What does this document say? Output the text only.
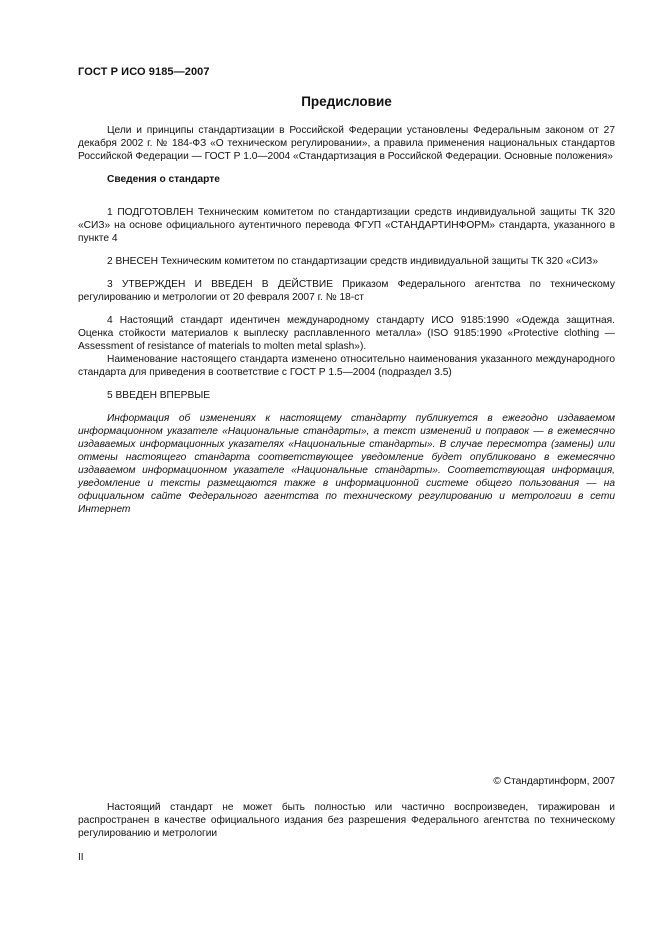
ГОСТ Р ИСО 9185—2007
Предисловие

Цели и принципы стандартизации в Российской Федерации установлены Федеральным законом от 27 декабря 2002 г. № 184-ФЗ «О техническом регулировании», а правила применения национальных стандартов Российской Федерации — ГОСТ Р 1.0—2004 «Стандартизация в Российской Федерации. Основные положения»

Сведения о стандарте

1 ПОДГОТОВЛЕН Техническим комитетом по стандартизации средств индивидуальной защиты ТК 320 «СИЗ» на основе официального аутентичного перевода ФГУП «СТАНДАРТИНФОРМ» стандарта, указанного в пункте 4

2 ВНЕСЕН Техническим комитетом по стандартизации средств индивидуальной защиты ТК 320 «СИЗ»

3 УТВЕРЖДЕН И ВВЕДЕН В ДЕЙСТВИЕ Приказом Федерального агентства по техническому регулированию и метрологии от 20 февраля 2007 г. № 18-ст

4 Настоящий стандарт идентичен международному стандарту ИСО 9185:1990 «Одежда защитная. Оценка стойкости материалов к выплеску расплавленного металла» (ISO 9185:1990 «Protective clothing — Assessment of resistance of materials to molten metal splash»).

Наименование настоящего стандарта изменено относительно наименования указанного международного стандарта для приведения в соответствие с ГОСТ Р 1.5—2004 (подраздел 3.5)

5 ВВЕДЕН ВПЕРВЫЕ

Информация об изменениях к настоящему стандарту публикуется в ежегодно издаваемом информационном указателе «Национальные стандарты», а текст изменений и поправок — в ежемесячно издаваемых информационных указателях «Национальные стандарты». В случае пересмотра (замены) или отмены настоящего стандарта соответствующее уведомление будет опубликовано в ежемесячно издаваемом информационном указателе «Национальные стандарты». Соответствующая информация, уведомление и тексты размещаются также в информационной системе общего пользования — на официальном сайте Федерального агентства по техническому регулированию и метрологии в сети Интернет

© Стандартинформ, 2007

Настоящий стандарт не может быть полностью или частично воспроизведен, тиражирован и распространен в качестве официального издания без разрешения Федерального агентства по техническому регулированию и метрологии

II
